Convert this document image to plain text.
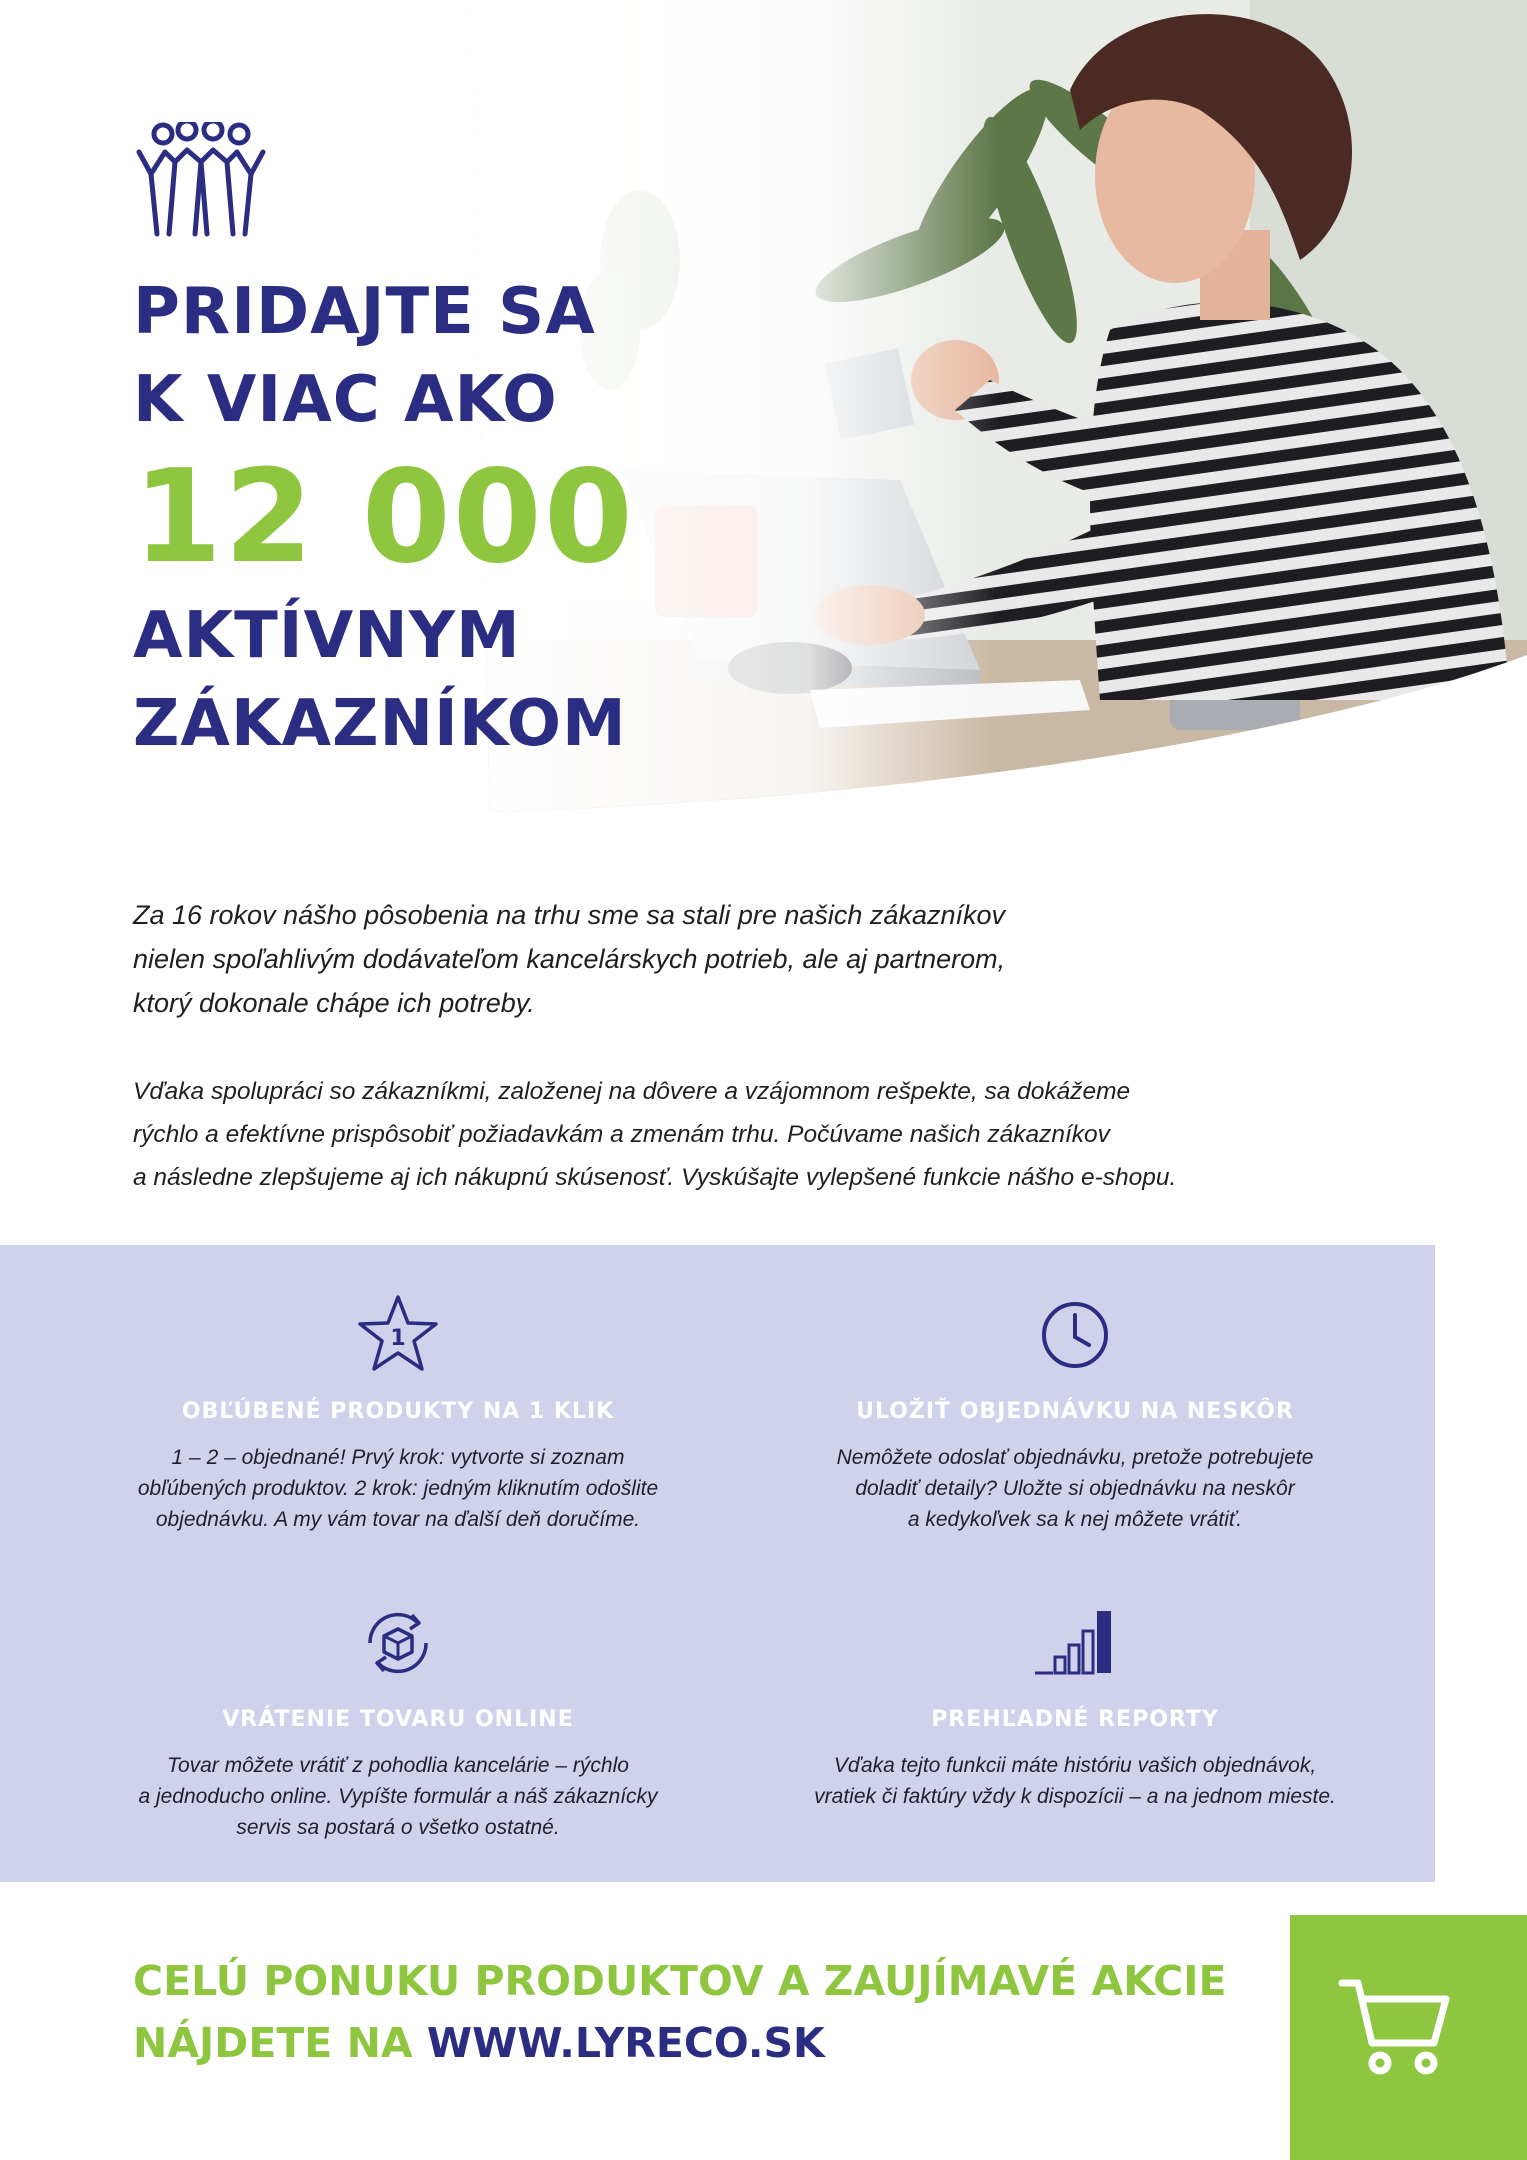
PRIDAJTE SA
K VIAC AKO
12 000
AKTÍVNYM
ZÁKAZNÍKOM

Za 16 rokov nášho pôsobenia na trhu sme sa stali pre našich zákazníkov
nielen spoľahlivým dodávateľom kancelárskych potrieb, ale aj partnerom,
ktorý dokonale chápe ich potreby.

Vďaka spolupráci so zákazníkmi, založenej na dôvere a vzájomnom rešpekte, sa dokážeme
rýchlo a efektívne prispôsobiť požiadavkám a zmenám trhu. Počúvame našich zákazníkov
a následne zlepšujeme aj ich nákupnú skúsenosť. Vyskúšajte vylepšené funkcie nášho e-shopu.

1
OBĽÚBENÉ PRODUKTY NA 1 KLIK

1 – 2 – objednané! Prvý krok: vytvorte si zoznam
obľúbených produktov. 2 krok: jedným kliknutím odošlite
objednávku. A my vám tovar na ďalší deň doručíme.

ULOŽIŤ OBJEDNÁVKU NA NESKÔR

Nemôžete odoslať objednávku, pretože potrebujete
doladiť detaily? Uložte si objednávku na neskôr
a kedykoľvek sa k nej môžete vrátiť.

VRÁTENIE TOVARU ONLINE

Tovar môžete vrátiť z pohodlia kancelárie – rýchlo
a jednoducho online. Vypíšte formulár a náš zákaznícky
servis sa postará o všetko ostatné.

PREHĽADNÉ REPORTY

Vďaka tejto funkcii máte históriu vašich objednávok,
vratiek či faktúry vždy k dispozícii – a na jednom mieste.

CELÚ PONUKU PRODUKTOV A ZAUJÍMAVÉ AKCIE
NÁJDETE NA WWW.LYRECO.SK
